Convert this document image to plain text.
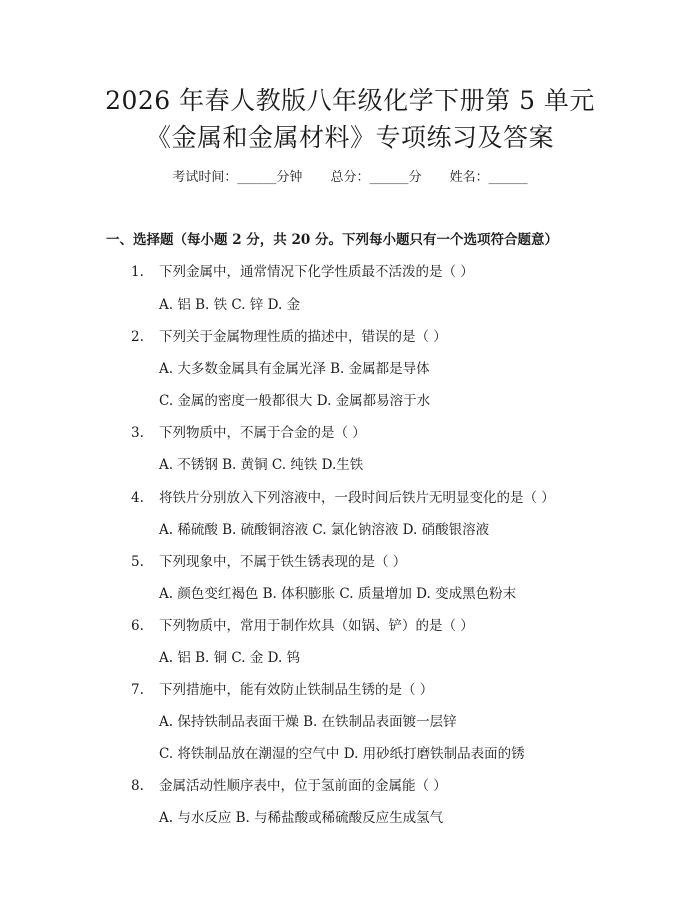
2026 年春人教版八年级化学下册第 5 单元
《金属和金属材料》专项练习及答案
考试时间：______分钟 总分：______分 姓名：______
一、选择题（每小题 2 分，共 20 分。下列每小题只有一个选项符合题意）
1.	下列金属中，通常情况下化学性质最不活泼的是（ ）
A. 铝 B. 铁 C. 锌 D. 金
2.	下列关于金属物理性质的描述中，错误的是（ ）
A. 大多数金属具有金属光泽 B. 金属都是导体
C. 金属的密度一般都很大 D. 金属都易溶于水
3.	下列物质中，不属于合金的是（ ）
A. 不锈钢 B. 黄铜 C. 纯铁 D.生铁
4.	将铁片分别放入下列溶液中，一段时间后铁片无明显变化的是（ ）
A. 稀硫酸 B. 硫酸铜溶液 C. 氯化钠溶液 D. 硝酸银溶液
5.	下列现象中，不属于铁生锈表现的是（ ）
A. 颜色变红褐色 B. 体积膨胀 C. 质量增加 D. 变成黑色粉末
6.	下列物质中，常用于制作炊具（如锅、铲）的是（ ）
A. 铝 B. 铜 C. 金 D. 钨
7.	下列措施中，能有效防止铁制品生锈的是（ ）
A. 保持铁制品表面干燥 B. 在铁制品表面镀一层锌
C. 将铁制品放在潮湿的空气中 D. 用砂纸打磨铁制品表面的锈
8.	金属活动性顺序表中，位于氢前面的金属能（ ）
A. 与水反应 B. 与稀盐酸或稀硫酸反应生成氢气
